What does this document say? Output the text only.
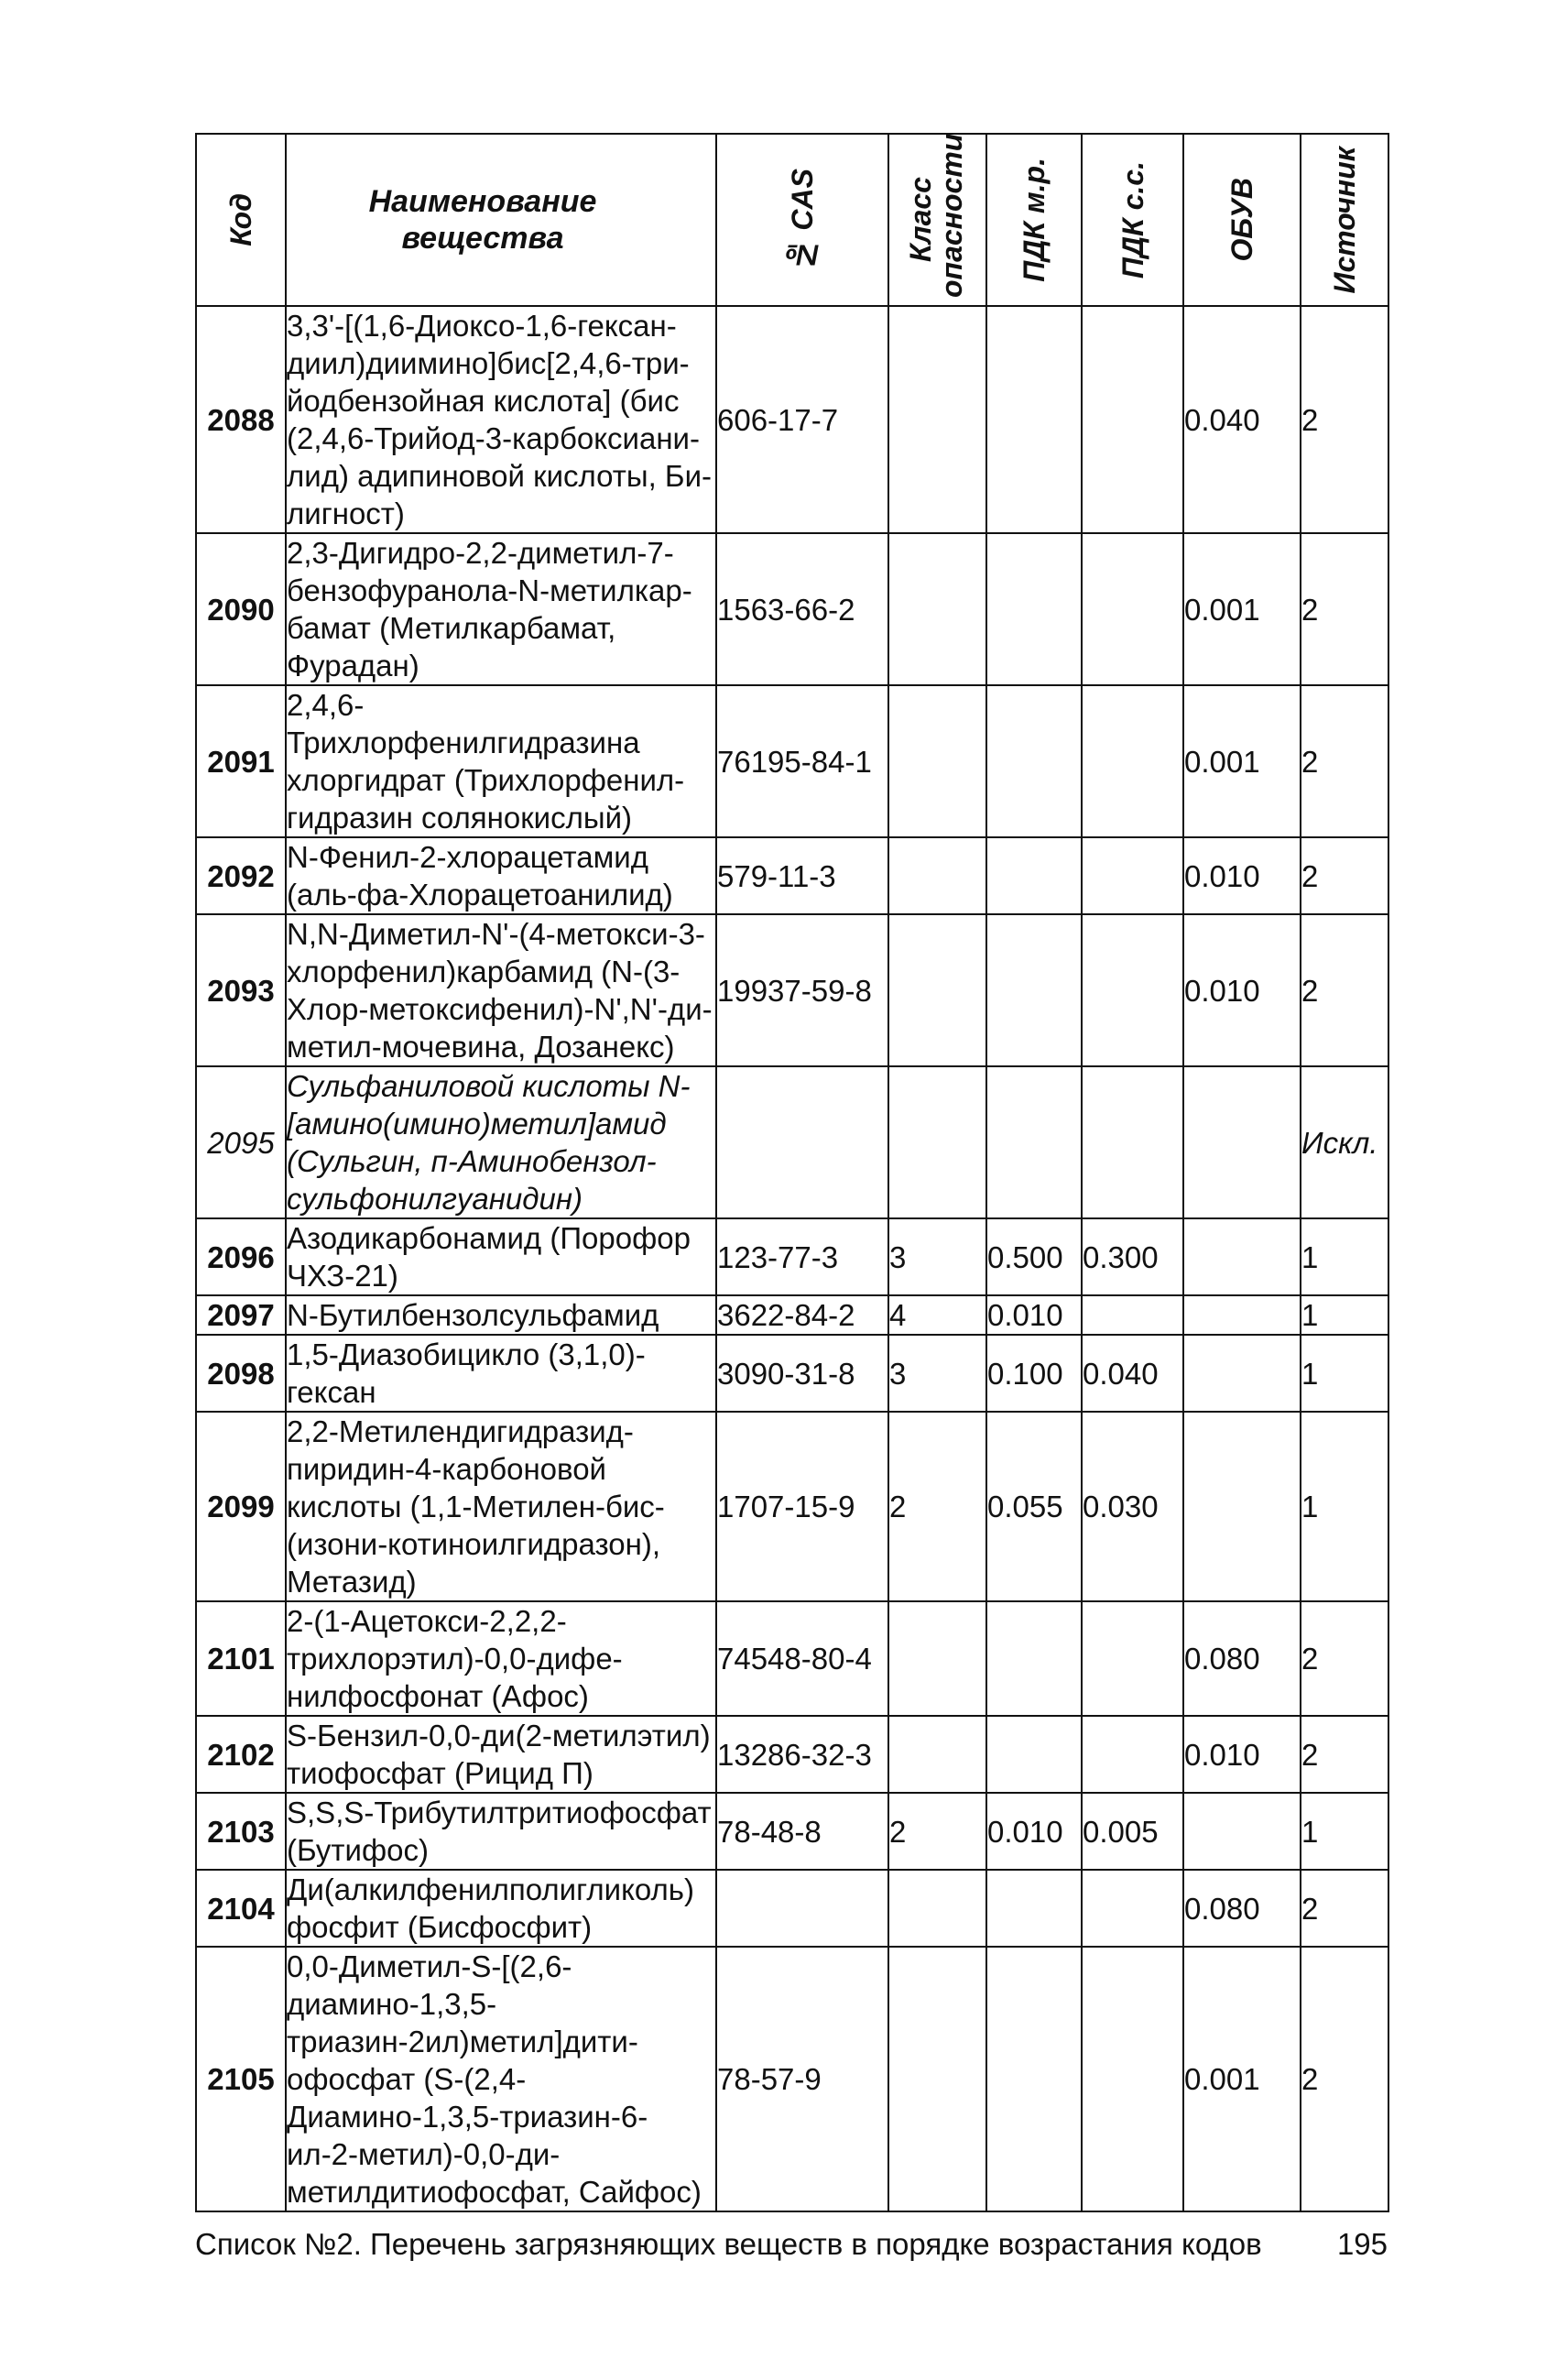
Код	Наименование вещества	№ CAS	Класс опасности	ПДК м.р.	ПДК с.с.	ОБУВ	Источник

2088	3,3'-[(1,6-Диоксо-1,6-гексан-диил)диимино]бис[2,4,6-три-йодбензойная кислота] (бис (2,4,6-Трийод-3-карбоксиани-лид) адипиновой кислоты, Би-лигност)	606-17-7				0.040	2
2090	2,3-Дигидро-2,2-диметил-7-бензофуранола-N-метилкар-бамат (Метилкарбамат, Фурадан)	1563-66-2				0.001	2
2091	2,4,6-Трихлорфенилгидразина хлоргидрат (Трихлорфенил-гидразин солянокислый)	76195-84-1				0.001	2
2092	N-Фенил-2-хлорацетамид (аль-фа-Хлорацетоанилид)	579-11-3				0.010	2
2093	N,N-Диметил-N'-(4-метокси-3-хлорфенил)карбамид (N-(3-Хлор-метоксифенил)-N',N'-ди-метил-мочевина, Дозанекс)	19937-59-8				0.010	2
2095	Сульфаниловой кислоты N-[амино(имино)метил]амид (Сульгин, п-Аминобензол-сульфонилгуанидин)						Искл.
2096	Азодикарбонамид (Порофор ЧХЗ-21)	123-77-3	3	0.500	0.300		1
2097	N-Бутилбензолсульфамид	3622-84-2	4	0.010			1
2098	1,5-Диазобицикло (3,1,0)-гексан	3090-31-8	3	0.100	0.040		1
2099	2,2-Метилендигидразид-пиридин-4-карбоновой кислоты (1,1-Метилен-бис-(изони-котиноилгидразон), Метазид)	1707-15-9	2	0.055	0.030		1
2101	2-(1-Ацетокси-2,2,2-трихлорэтил)-0,0-дифе-нилфосфонат (Афос)	74548-80-4				0.080	2
2102	S-Бензил-0,0-ди(2-метилэтил) тиофосфат (Рицид П)	13286-32-3				0.010	2
2103	S,S,S-Трибутилтритиофосфат (Бутифос)	78-48-8	2	0.010	0.005		1
2104	Ди(алкилфенилполигликоль) фосфит (Бисфосфит)					0.080	2
2105	0,0-Диметил-S-[(2,6-диамино-1,3,5-триазин-2ил)метил]дити-офосфат (S-(2,4-Диамино-1,3,5-триазин-6-ил-2-метил)-0,0-ди-метилдитиофосфат, Сайфос)	78-57-9				0.001	2
Список №2. Перечень загрязняющих веществ в порядке возрастания кодов 195
